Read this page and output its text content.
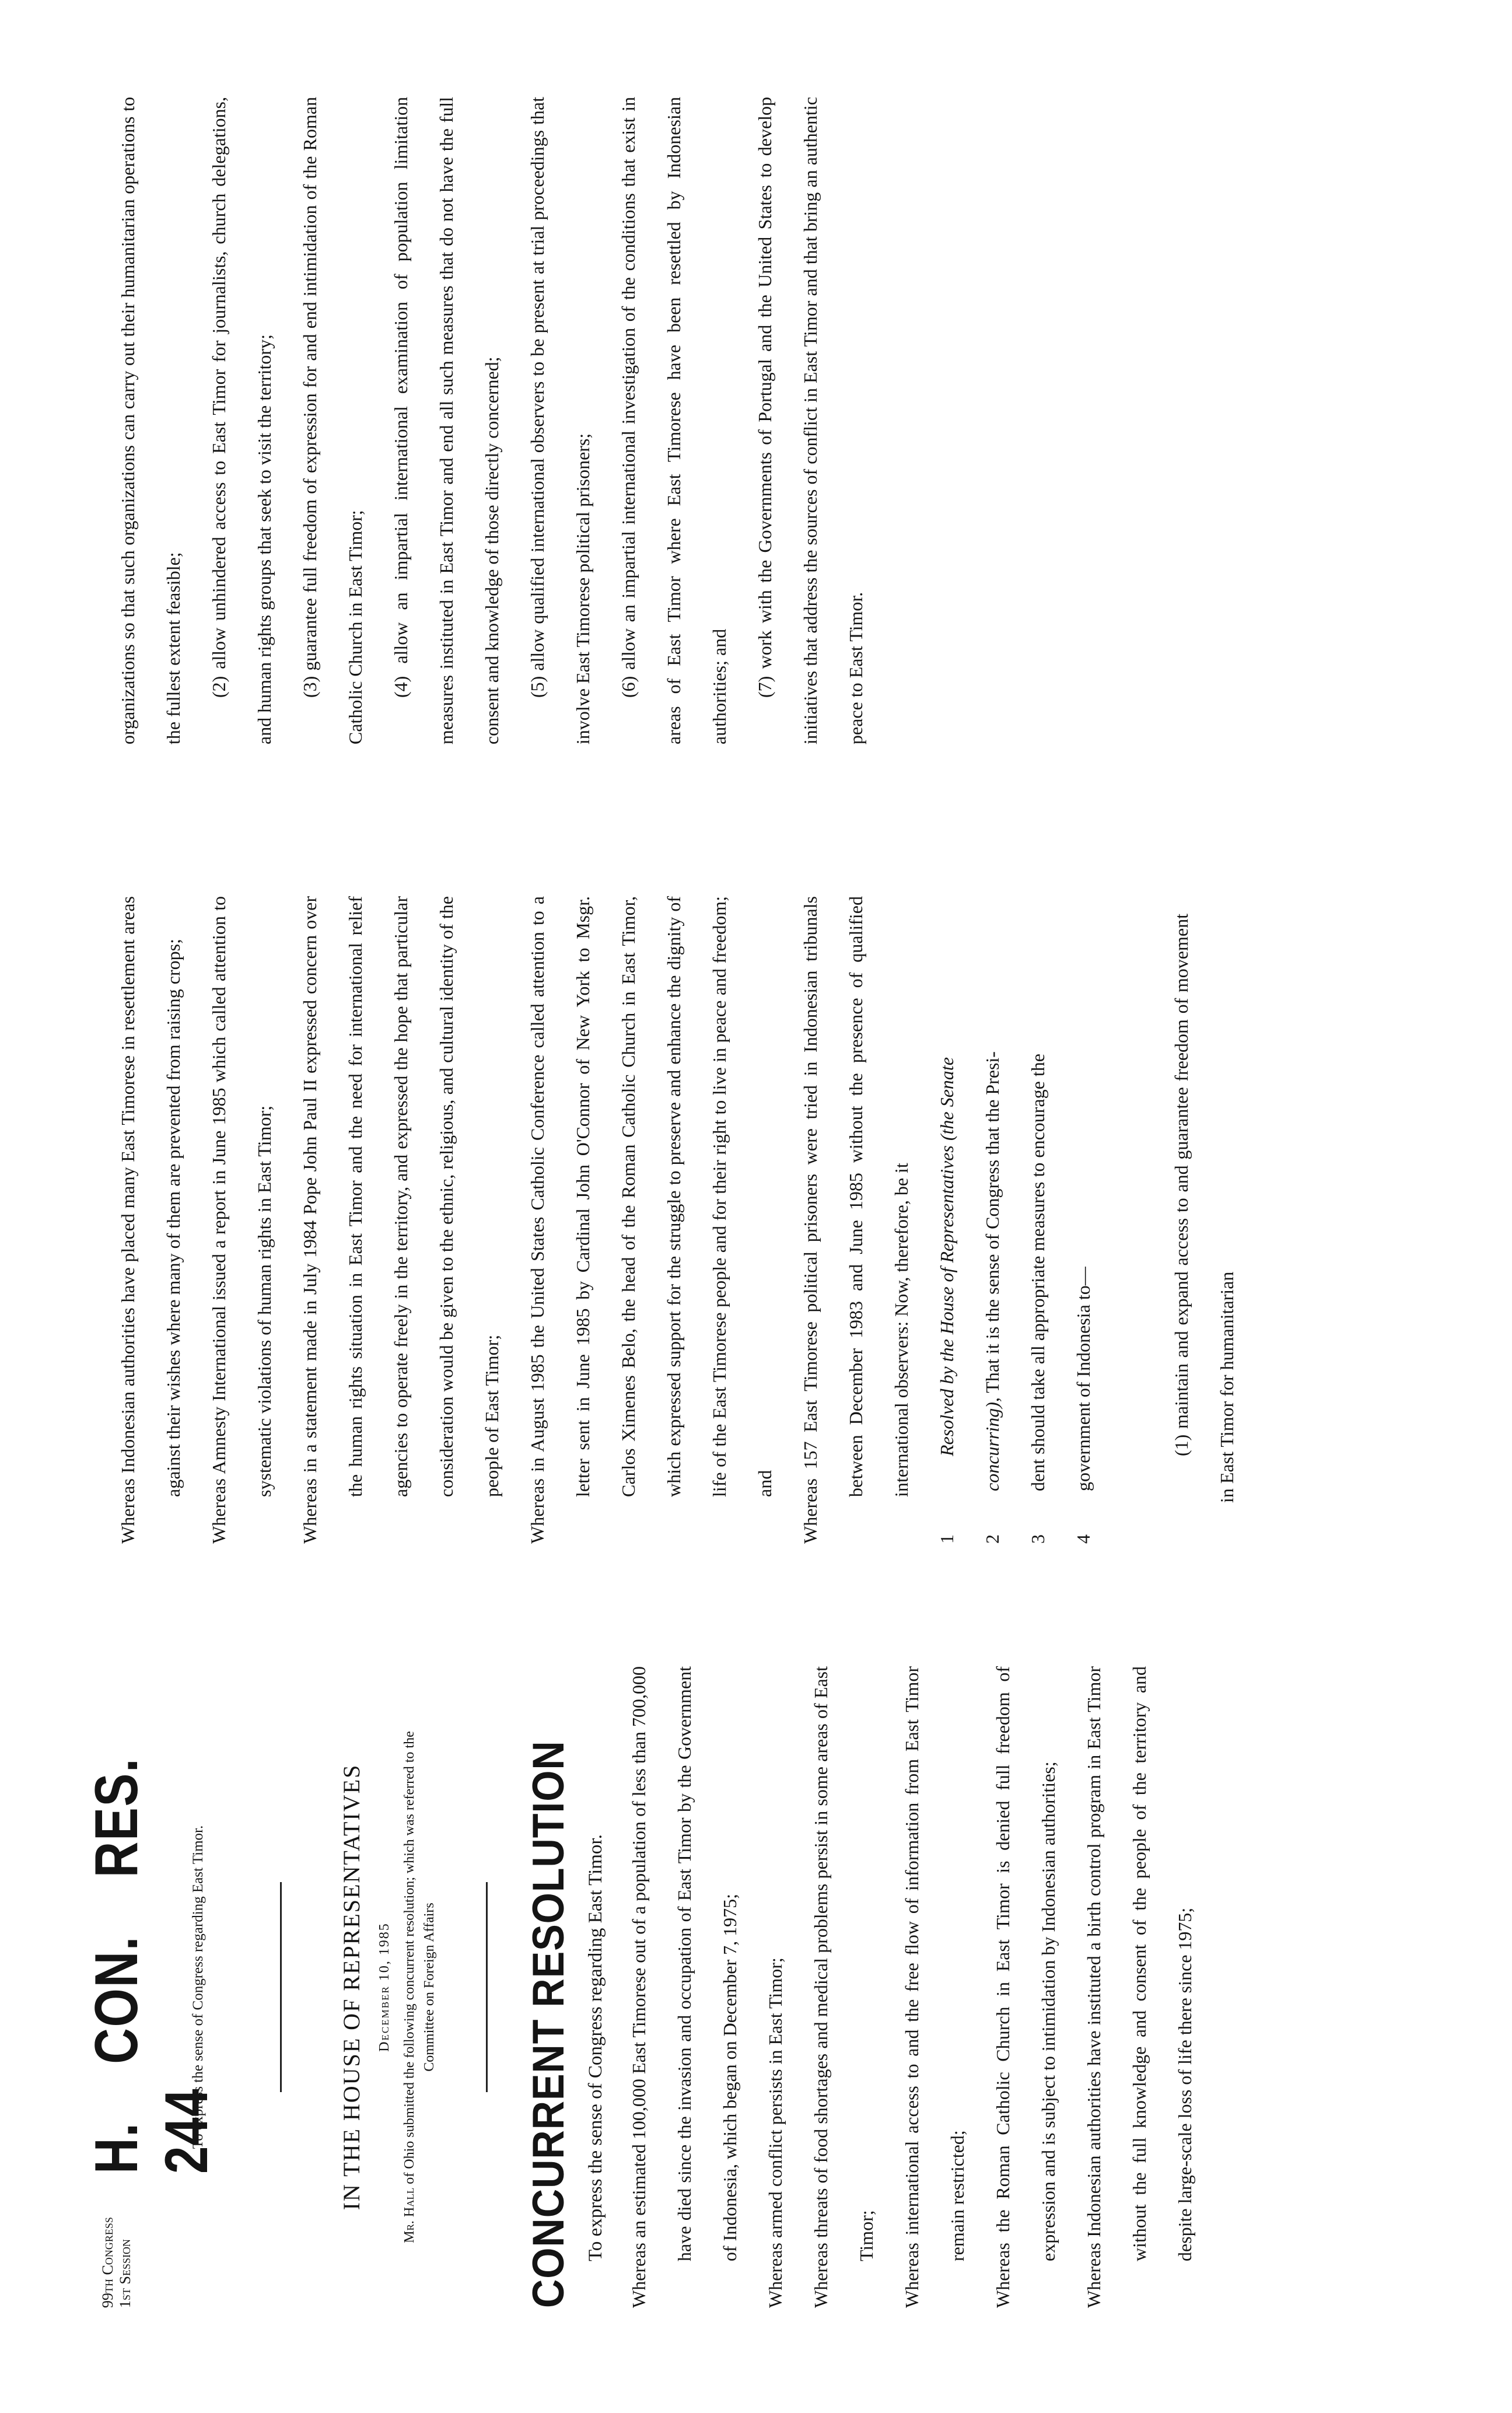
99th Congress 1st Session
H. CON. RES. 244

To express the sense of Congress regarding East Timor.	IN THE HOUSE OF REPRESENTATIVES December 10, 1985
Mr. Hall of Ohio submitted the following concurrent resolution; which was referred to the Committee on Foreign Affairs CONCURRENT RESOLUTION To express the sense of Congress regarding East Timor.	Whereas an estimated 100,000 East Timorese out of a population of less than 700,000 have died since the invasion and occupation of East Timor by the Government of Indonesia, which began on December 7, 1975;	Whereas armed conflict persists in East Timor;	Whereas threats of food shortages and medical problems persist in some areas of East Timor;	Whereas international access to and the free flow of information from East Timor remain restricted;	Whereas the Roman Catholic Church in East Timor is denied full freedom of expression and is subject to intimidation by Indonesian authorities;	Whereas Indonesian authorities have instituted a birth control program in East Timor without the full knowledge and consent of the people of the territory and despite large-scale loss of life there since 1975;

Whereas Indonesian authorities have placed many East Timorese in resettlement areas against their wishes where many of them are prevented from raising crops;	Whereas Amnesty International issued a report in June 1985 which called attention to systematic violations of human rights in East Timor;	Whereas in a statement made in July 1984 Pope John Paul II expressed concern over the human rights situation in East Timor and the need for international relief agencies to operate freely in the territory, and expressed the hope that particular consideration would be given to the ethnic, religious, and cultural identity of the people of East Timor;	Whereas in August 1985 the United States Catholic Conference called attention to a letter sent in June 1985 by Cardinal John O'Connor of New York to Msgr. Carlos Ximenes Belo, the head of the Roman Catholic Church in East Timor, which expressed support for the struggle to preserve and enhance the dignity of life of the East Timorese people and for their right to live in peace and freedom; and	Whereas 157 East Timorese political prisoners were tried in Indonesian tribunals between December 1983 and June 1985 without the presence of qualified international observers: Now, therefore, be it

1
Resolved by the House of Representatives (the Senate
2
concurring), That it is the sense of Congress that the Presi-
3
dent should take all appropriate measures to encourage the
4
government of Indonesia to—	(1) maintain and expand access to and guarantee freedom of movement in East Timor for humanitarian

organizations so that such organizations can carry out their humanitarian operations to the fullest extent feasible;	(2) allow unhindered access to East Timor for journalists, church delegations, and human rights groups that seek to visit the territory;	(3) guarantee full freedom of expression for and end intimidation of the Roman Catholic Church in East Timor;	(4) allow an impartial international examination of population limitation measures instituted in East Timor and end all such measures that do not have the full consent and knowledge of those directly concerned;	(5) allow qualified international observers to be present at trial proceedings that involve East Timorese political prisoners;	(6) allow an impartial international investigation of the conditions that exist in areas of East Timor where East Timorese have been resettled by Indonesian authorities; and	(7) work with the Governments of Portugal and the United States to develop initiatives that address the sources of conflict in East Timor and that bring an authentic peace to East Timor.
